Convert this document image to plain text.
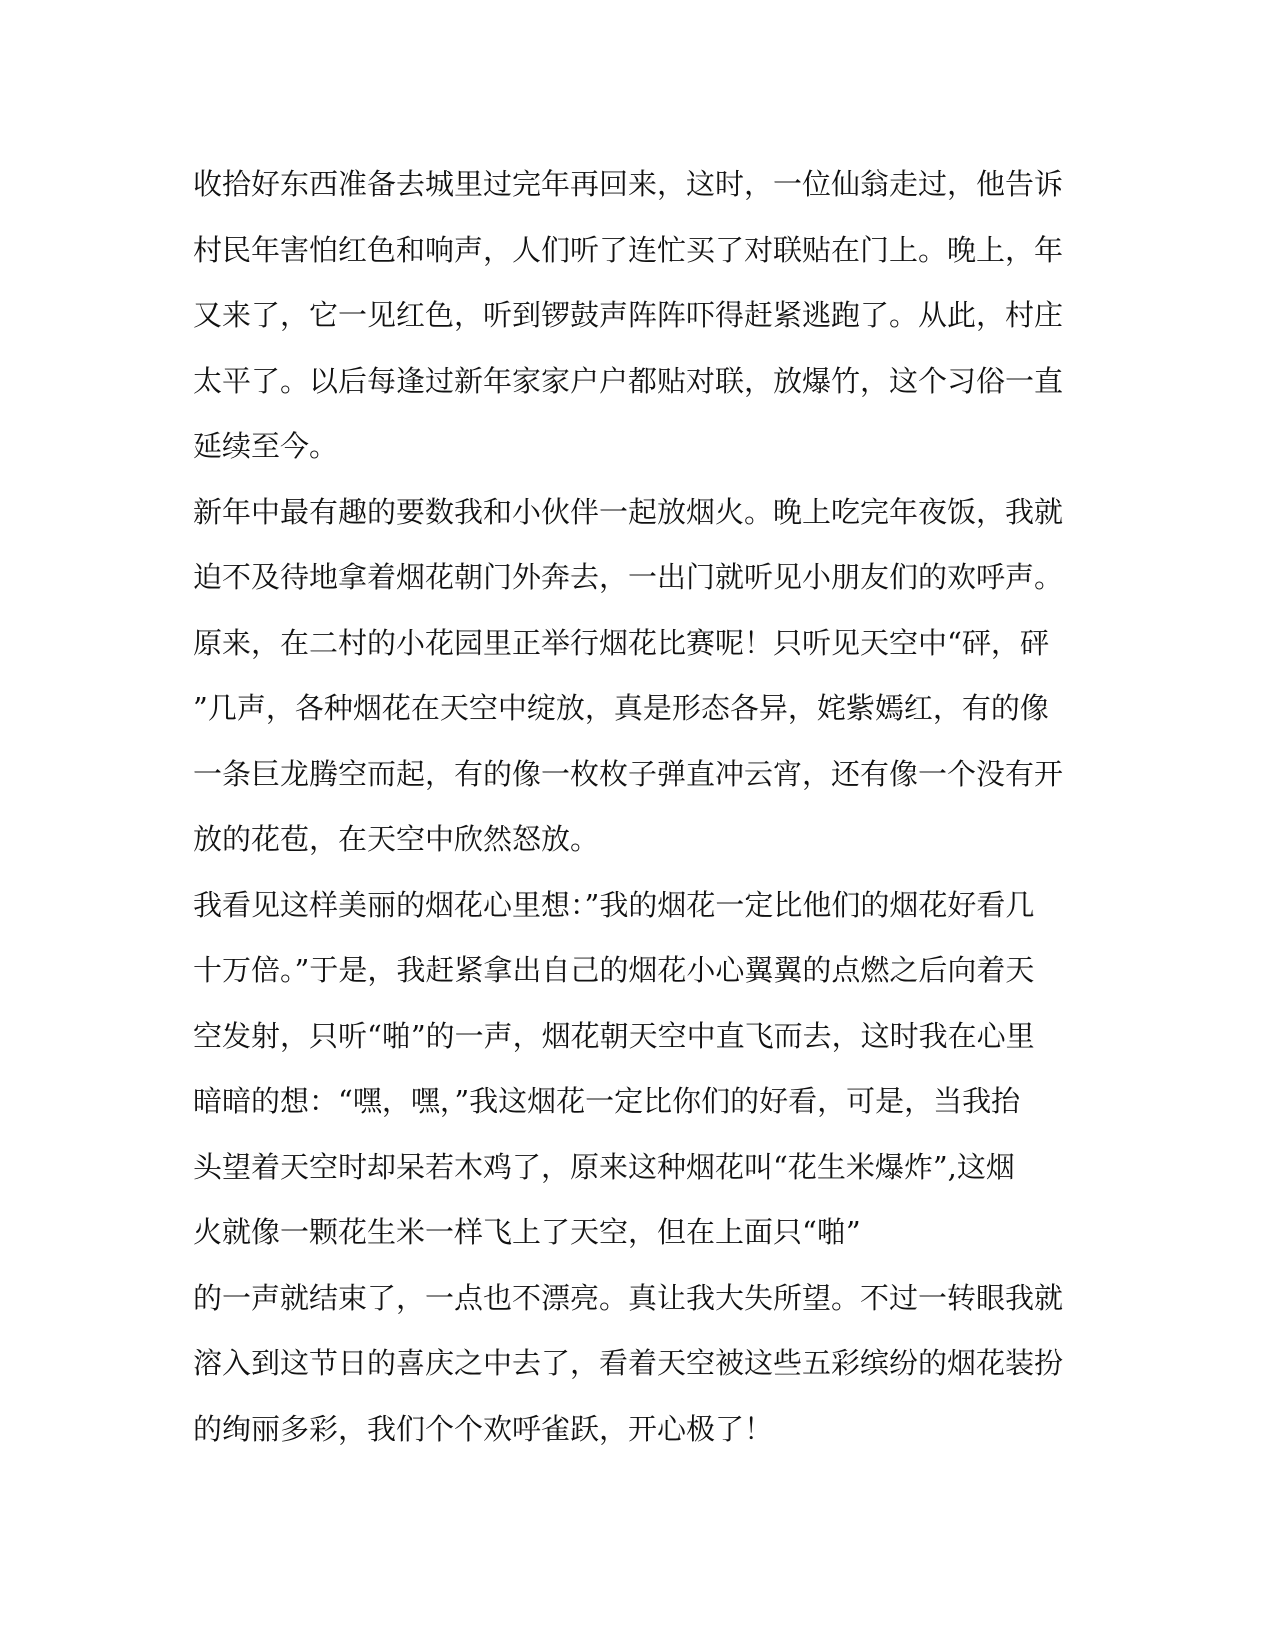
收拾好东西准备去城里过完年再回来，这时，一位仙翁走过，他告诉
村民年害怕红色和响声，人们听了连忙买了对联贴在门上。晚上，年
又来了，它一见红色，听到锣鼓声阵阵吓得赶紧逃跑了。从此，村庄
太平了。以后每逢过新年家家户户都贴对联，放爆竹，这个习俗一直
延续至今。
新年中最有趣的要数我和小伙伴一起放烟火。晚上吃完年夜饭，我就
迫不及待地拿着烟花朝门外奔去，一出门就听见小朋友们的欢呼声。
原来，在二村的小花园里正举行烟花比赛呢！只听见天空中“砰，砰
”几声，各种烟花在天空中绽放，真是形态各异，姹紫嫣红，有的像
一条巨龙腾空而起，有的像一枚枚子弹直冲云宵，还有像一个没有开
放的花苞，在天空中欣然怒放。
我看见这样美丽的烟花心里想：”我的烟花一定比他们的烟花好看几
十万倍。”于是，我赶紧拿出自己的烟花小心翼翼的点燃之后向着天
空发射，只听“啪”的一声，烟花朝天空中直飞而去，这时我在心里
暗暗的想：“嘿，嘿，”我这烟花一定比你们的好看，可是，当我抬
头望着天空时却呆若木鸡了，原来这种烟花叫“花生米爆炸”,这烟
火就像一颗花生米一样飞上了天空，但在上面只“啪”
的一声就结束了，一点也不漂亮。真让我大失所望。不过一转眼我就
溶入到这节日的喜庆之中去了，看着天空被这些五彩缤纷的烟花装扮
的绚丽多彩，我们个个欢呼雀跃，开心极了！
